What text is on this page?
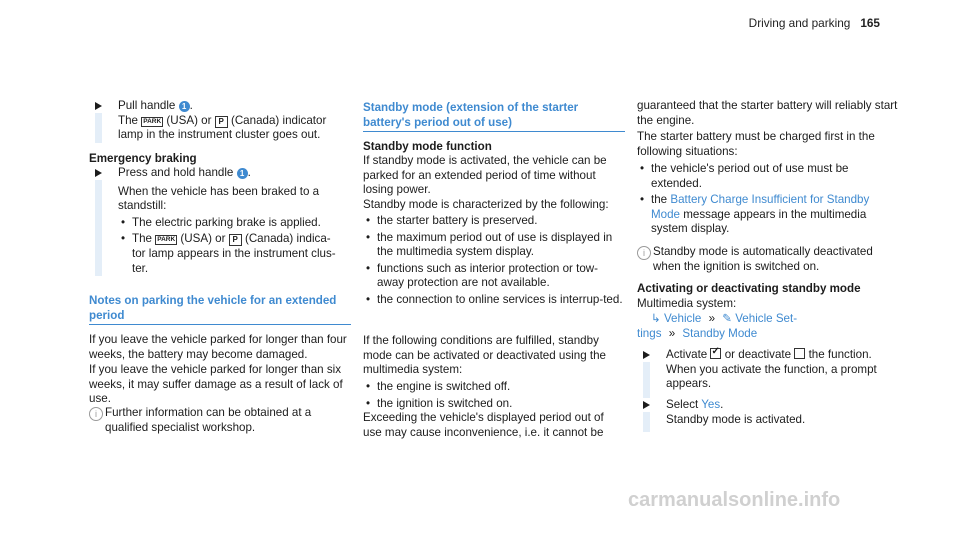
Driving and parking 165
Pull handle 1 .
The PARK (USA) or P (Canada) indicator
lamp in the instrument cluster goes out.
Emergency braking
Press and hold handle 1 .
When the vehicle has been braked to a standstill:
• The electric parking brake is applied.
• The PARK (USA) or P (Canada) indica-
tor lamp appears in the instrument clus-
ter.
Notes on parking the vehicle for an extended period
If you leave the vehicle parked for longer than four weeks, the battery may become damaged.
If you leave the vehicle parked for longer than six weeks, it may suffer damage as a result of lack of use.
i Further information can be obtained at a qualified specialist workshop.
Standby mode (extension of the starter battery's period out of use)
Standby mode function
If standby mode is activated, the vehicle can be parked for an extended period of time without losing power.
Standby mode is characterized by the following:
• the starter battery is preserved.
• the maximum period out of use is displayed in the multimedia system display.
• functions such as interior protection or tow-away protection are not available.
• the connection to online services is interrup-ted.
If the following conditions are fulfilled, standby mode can be activated or deactivated using the multimedia system:
• the engine is switched off.
• the ignition is switched on.
Exceeding the vehicle's displayed period out of use may cause inconvenience, i.e. it cannot be
guaranteed that the starter battery will reliably start the engine.
The starter battery must be charged first in the following situations:
• the vehicle's period out of use must be extended.
• the Battery Charge Insufficient for Standby Mode message appears in the multimedia system display.
i Standby mode is automatically deactivated when the ignition is switched on.
Activating or deactivating standby mode
Multimedia system:
↳ Vehicle » ✎ Vehicle Set-
tings » Standby Mode
Activate ✓ or deactivate the function.
When you activate the function, a prompt appears.
Select Yes.
Standby mode is activated.
carmanualsonline.info
